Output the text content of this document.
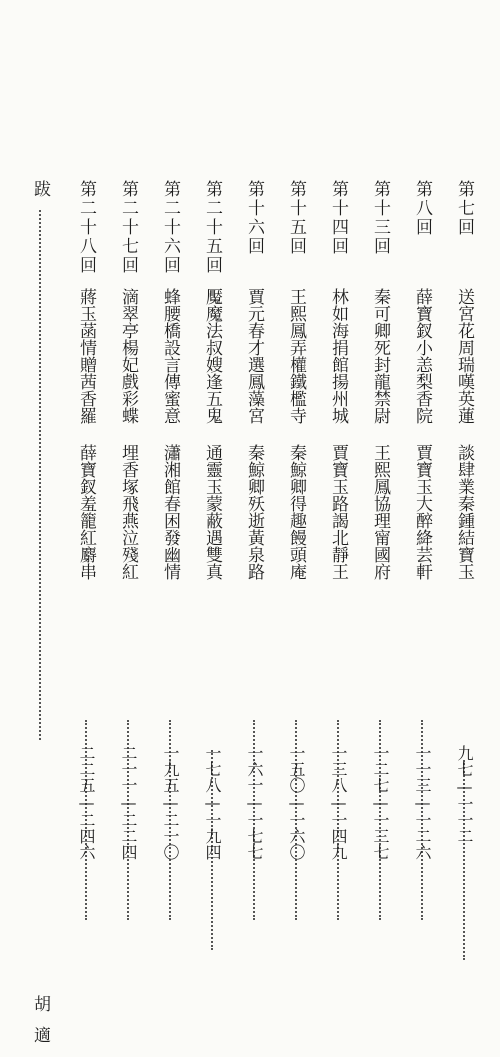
第七回
送宮花周瑞嘆英蓮 談肆業秦鍾結寶玉
九七—一一二
第八回
薛寶釵小恙梨香院 賈寶玉大醉絳芸軒
一一三—一二六
第十三回
秦可卿死封龍禁尉 王熙鳳協理甯國府
一二七—一三七
第十四回
林如海捐館揚州城 賈寶玉路謁北靜王
一三八—一四九
第十五回
王熙鳳弄權鐵檻寺 秦鯨卿得趣饅頭庵
一五〇—一六〇
第十六回
賈元春才選鳳藻宮 秦鯨卿殀逝黃泉路
一六一—一七七
第二十五回
魘魔法叔嫂逢五鬼 通靈玉蒙蔽遇雙真
一七八—一九四
第二十六回
蜂腰橋設言傳蜜意 瀟湘館春困發幽情
一九五—二一〇
第二十七回
滴翠亭楊妃戲彩蝶 埋香塚飛燕泣殘紅
二一一—二二四
第二十八回
蔣玉菡情贈茜香羅 薛寶釵羞籠紅麝串
二二五—二四六
跋
胡適
